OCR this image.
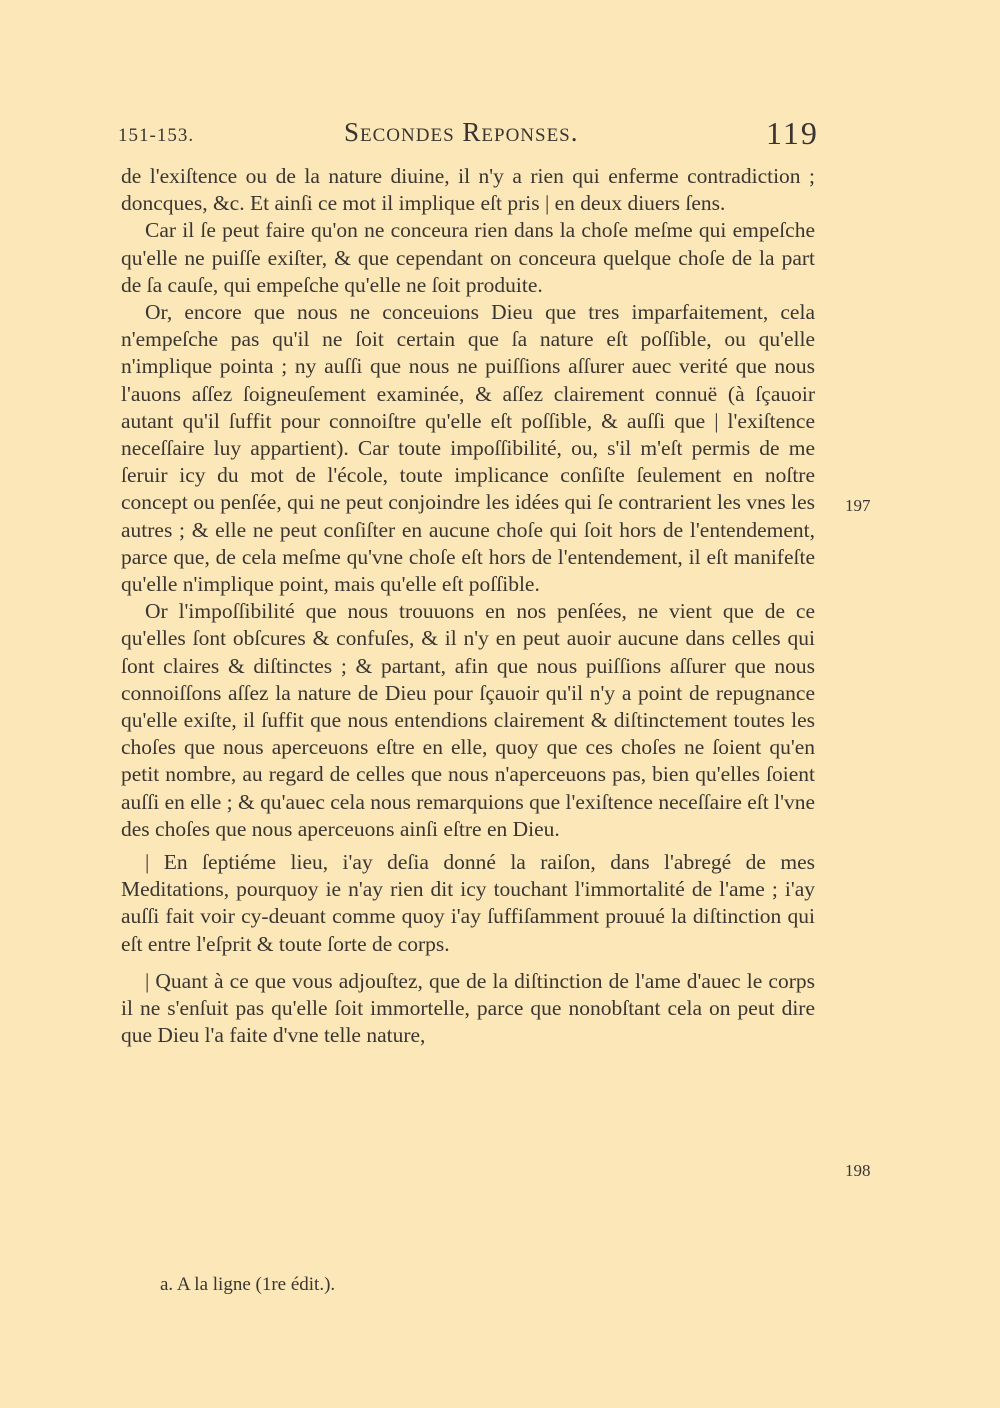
151-153.	Secondes Reponses.	119

de l'exiſtence ou de la nature diuine, il n'y a rien qui enferme contradiction ; doncques, &c. Et ainſi ce mot il implique eſt pris | en deux diuers ſens.

Car il ſe peut faire qu'on ne conceura rien dans la choſe meſme qui empeſche qu'elle ne puiſſe exiſter, & que cependant on conceura quelque choſe de la part de ſa cauſe, qui empeſche qu'elle ne ſoit produite.

Or, encore que nous ne conceuions Dieu que tres imparfaitement, cela n'empeſche pas qu'il ne ſoit certain que ſa nature eſt poſſible, ou qu'elle n'implique pointa ; ny auſſi que nous ne puiſſions aſſurer auec verité que nous l'auons aſſez ſoigneuſement examinée, & aſſez clairement connuë (à ſçauoir autant qu'il ſuffit pour connoiſtre qu'elle eſt poſſible, & auſſi que | l'exiſtence neceſſaire luy appartient). Car toute impoſſibilité, ou, s'il m'eſt permis de me ſeruir icy du mot de l'école, toute implicance conſiſte ſeulement en noſtre concept ou penſée, qui ne peut conjoindre les idées qui ſe contrarient les vnes les autres ; & elle ne peut conſiſter en aucune choſe qui ſoit hors de l'entendement, parce que, de cela meſme qu'vne choſe eſt hors de l'entendement, il eſt manifeſte qu'elle n'implique point, mais qu'elle eſt poſſible.

Or l'impoſſibilité que nous trouuons en nos penſées, ne vient que de ce qu'elles ſont obſcures & confuſes, & il n'y en peut auoir aucune dans celles qui ſont claires & diſtinctes ; & partant, afin que nous puiſſions aſſurer que nous connoiſſons aſſez la nature de Dieu pour ſçauoir qu'il n'y a point de repugnance qu'elle exiſte, il ſuffit que nous entendions clairement & diſtinctement toutes les choſes que nous aperceuons eſtre en elle, quoy que ces choſes ne ſoient qu'en petit nombre, au regard de celles que nous n'aperceuons pas, bien qu'elles ſoient auſſi en elle ; & qu'auec cela nous remarquions que l'exiſtence neceſſaire eſt l'vne des choſes que nous aperceuons ainſi eſtre en Dieu.

| En ſeptiéme lieu, i'ay deſia donné la raiſon, dans l'abregé de mes Meditations, pourquoy ie n'ay rien dit icy touchant l'immortalité de l'ame ; i'ay auſſi fait voir cy-deuant comme quoy i'ay ſuffiſamment prouué la diſtinction qui eſt entre l'eſprit & toute ſorte de corps.

| Quant à ce que vous adjouſtez, que de la diſtinction de l'ame d'auec le corps il ne s'enſuit pas qu'elle ſoit immortelle, parce que nonobſtant cela on peut dire que Dieu l'a faite d'vne telle nature,

197
198
a. A la ligne (1re édit.).
